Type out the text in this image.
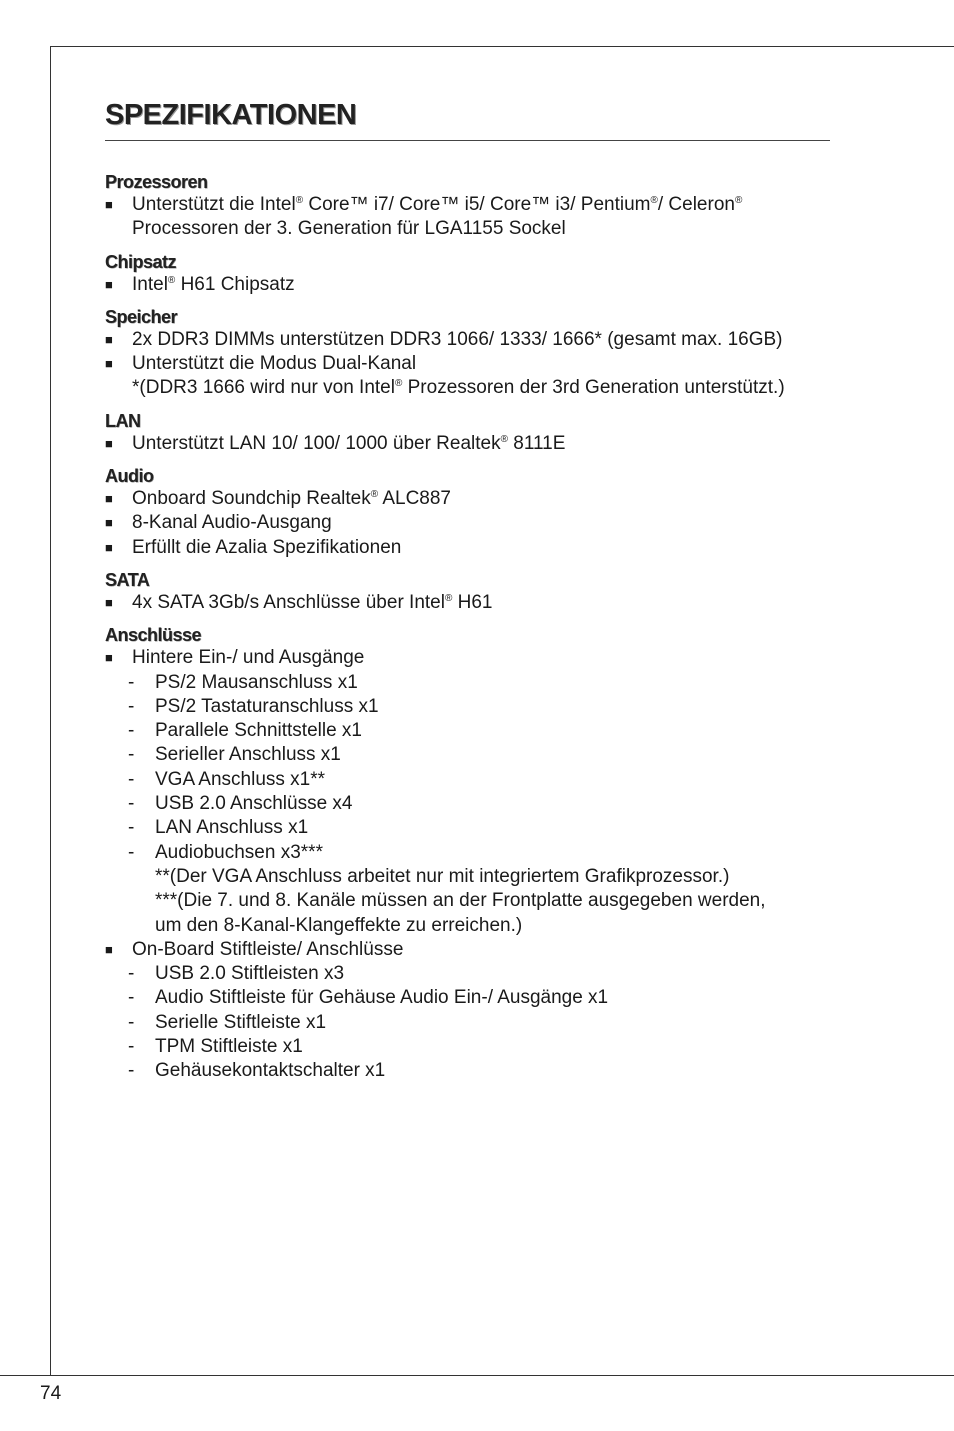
SPEZIFIKATIONEN
Prozessoren
■ Unterstützt die Intel® Core™ i7/ Core™ i5/ Core™ i3/ Pentium®/ Celeron®
Processoren der 3. Generation für LGA1155 Sockel
Chipsatz
■ Intel® H61 Chipsatz
Speicher
■ 2x DDR3 DIMMs unterstützen DDR3 1066/ 1333/ 1666* (gesamt max. 16GB)
■ Unterstützt die Modus Dual-Kanal
*(DDR3 1666 wird nur von Intel® Prozessoren der 3rd Generation unterstützt.)
LAN
■ Unterstützt LAN 10/ 100/ 1000 über Realtek® 8111E
Audio
■ Onboard Soundchip Realtek® ALC887
■ 8-Kanal Audio-Ausgang
■ Erfüllt die Azalia Spezifikationen
SATA
■ 4x SATA 3Gb/s Anschlüsse über Intel® H61
Anschlüsse
■ Hintere Ein-/ und Ausgänge
- PS/2 Mausanschluss x1
- PS/2 Tastaturanschluss x1
- Parallele Schnittstelle x1
- Serieller Anschluss x1
- VGA Anschluss x1**
- USB 2.0 Anschlüsse x4
- LAN Anschluss x1
- Audiobuchsen x3***
**(Der VGA Anschluss arbeitet nur mit integriertem Grafikprozessor.)
***(Die 7. und 8. Kanäle müssen an der Frontplatte ausgegeben werden,
um den 8-Kanal-Klangeffekte zu erreichen.)
■ On-Board Stiftleiste/ Anschlüsse
- USB 2.0 Stiftleisten x3
- Audio Stiftleiste für Gehäuse Audio Ein-/ Ausgänge x1
- Serielle Stiftleiste x1
- TPM Stiftleiste x1
- Gehäusekontaktschalter x1
74
